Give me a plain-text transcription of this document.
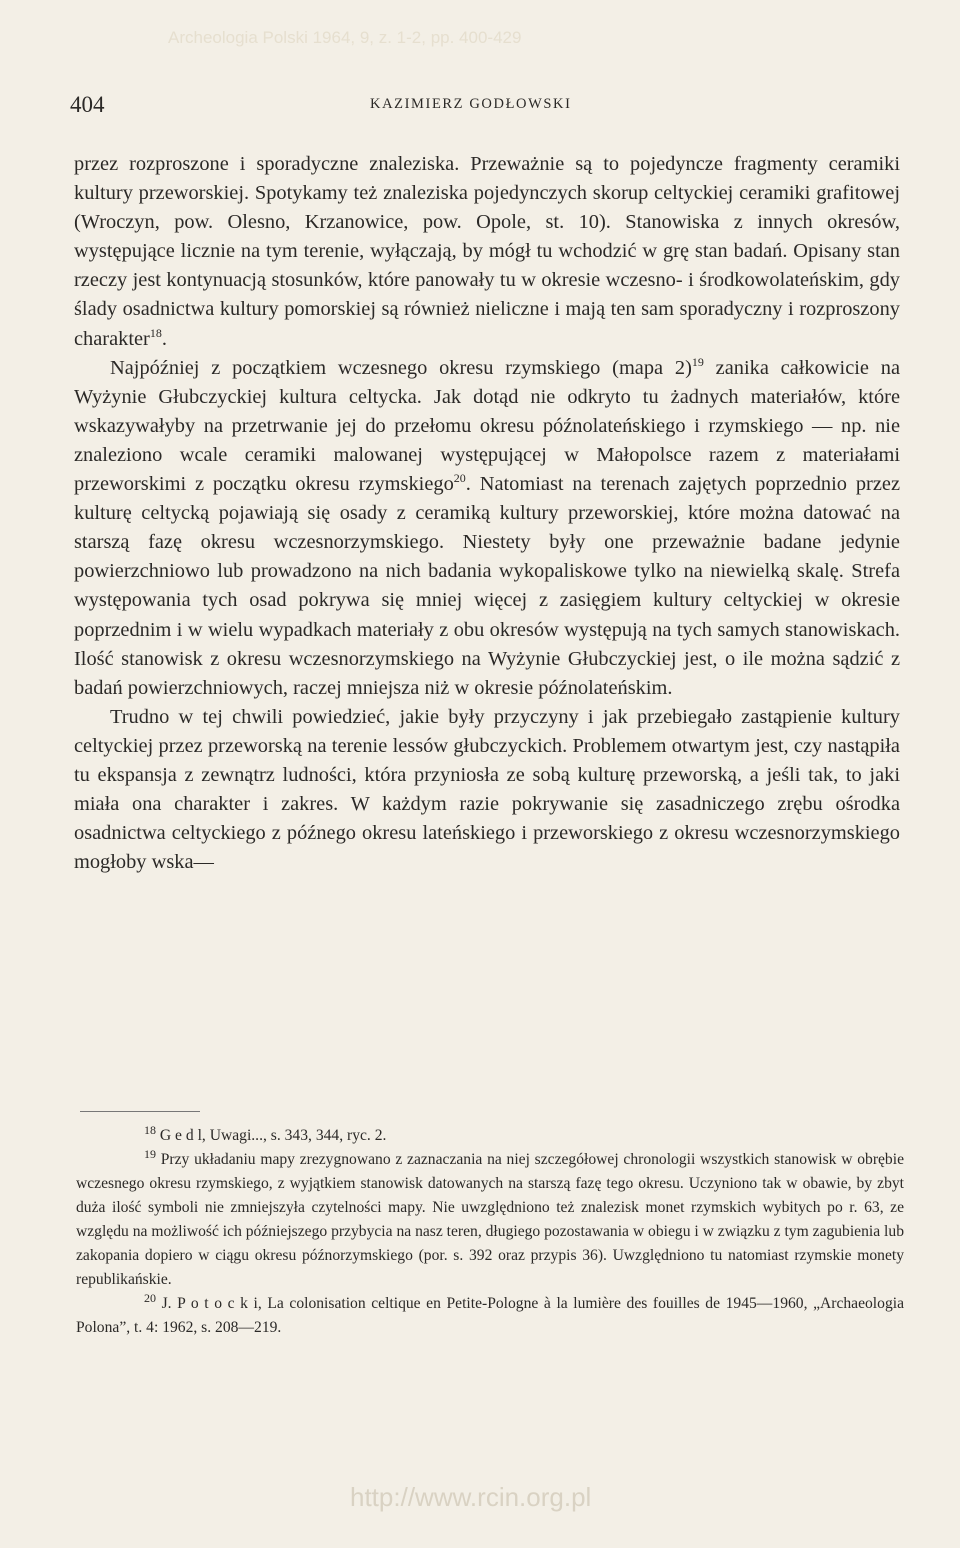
Archeologia Polski 1964, 9, z. 1-2, pp. 400-429
404	KAZIMIERZ GODŁOWSKI

przez rozproszone i sporadyczne znaleziska. Przeważnie są to pojedyncze fragmenty ceramiki kultury przeworskiej. Spotykamy też znaleziska pojedynczych skorup celtyckiej ceramiki grafitowej (Wroczyn, pow. Olesno, Krzanowice, pow. Opole, st. 10). Stanowiska z innych okresów, występujące licznie na tym terenie, wyłączają, by mógł tu wchodzić w grę stan badań. Opisany stan rzeczy jest kontynuacją stosunków, które panowały tu w okresie wczesno- i środkowolateńskim, gdy ślady osadnictwa kultury pomorskiej są również nieliczne i mają ten sam sporadyczny i rozproszony charakter$^{18}$.

Najpóźniej z początkiem wczesnego okresu rzymskiego (mapa 2)$^{19}$ zanika całkowicie na Wyżynie Głubczyckiej kultura celtycka. Jak dotąd nie odkryto tu żadnych materiałów, które wskazywałyby na przetrwanie jej do przełomu okresu późnolateńskiego i rzymskiego — np. nie znaleziono wcale ceramiki malowanej występującej w Małopolsce razem z materiałami przeworskimi z początku okresu rzymskiego$^{20}$. Natomiast na terenach zajętych poprzednio przez kulturę celtycką pojawiają się osady z ceramiką kultury przeworskiej, które można datować na starszą fazę okresu wczesnorzymskiego. Niestety były one przeważnie badane jedynie powierzchniowo lub prowadzono na nich badania wykopaliskowe tylko na niewielką skalę. Strefa występowania tych osad pokrywa się mniej więcej z zasięgiem kultury celtyckiej w okresie poprzednim i w wielu wypadkach materiały z obu okresów występują na tych samych stanowiskach. Ilość stanowisk z okresu wczesnorzymskiego na Wyżynie Głubczyckiej jest, o ile można sądzić z badań powierzchniowych, raczej mniejsza niż w okresie późnolateńskim.

Trudno w tej chwili powiedzieć, jakie były przyczyny i jak przebiegało zastąpienie kultury celtyckiej przez przeworską na terenie lessów głubczyckich. Problemem otwartym jest, czy nastąpiła tu ekspansja z zewnątrz ludności, która przyniosła ze sobą kulturę przeworską, a jeśli tak, to jaki miała ona charakter i zakres. W każdym razie pokrywanie się zasadniczego zrębu ośrodka osadnictwa celtyckiego z późnego okresu lateńskiego i przeworskiego z okresu wczesnorzymskiego mogłoby wska—

$^{18}$ G e d l, Uwagi..., s. 343, 344, ryc. 2.

$^{19}$ Przy układaniu mapy zrezygnowano z zaznaczania na niej szczegółowej chronologii wszystkich stanowisk w obrębie wczesnego okresu rzymskiego, z wyjątkiem stanowisk datowanych na starszą fazę tego okresu. Uczyniono tak w obawie, by zbyt duża ilość symboli nie zmniejszyła czytelności mapy. Nie uwzględniono też znalezisk monet rzymskich wybitych po r. 63, ze względu na możliwość ich późniejszego przybycia na nasz teren, długiego pozostawania w obiegu i w związku z tym zagubienia lub zakopania dopiero w ciągu okresu późnorzymskiego (por. s. 392 oraz przypis 36). Uwzględniono tu natomiast rzymskie monety republikańskie.

$^{20}$ J. P o t o c k i, La colonisation celtique en Petite-Pologne à la lumière des fouilles de 1945—1960, „Archaeologia Polona”, t. 4: 1962, s. 208—219.

http://www.rcin.org.pl
